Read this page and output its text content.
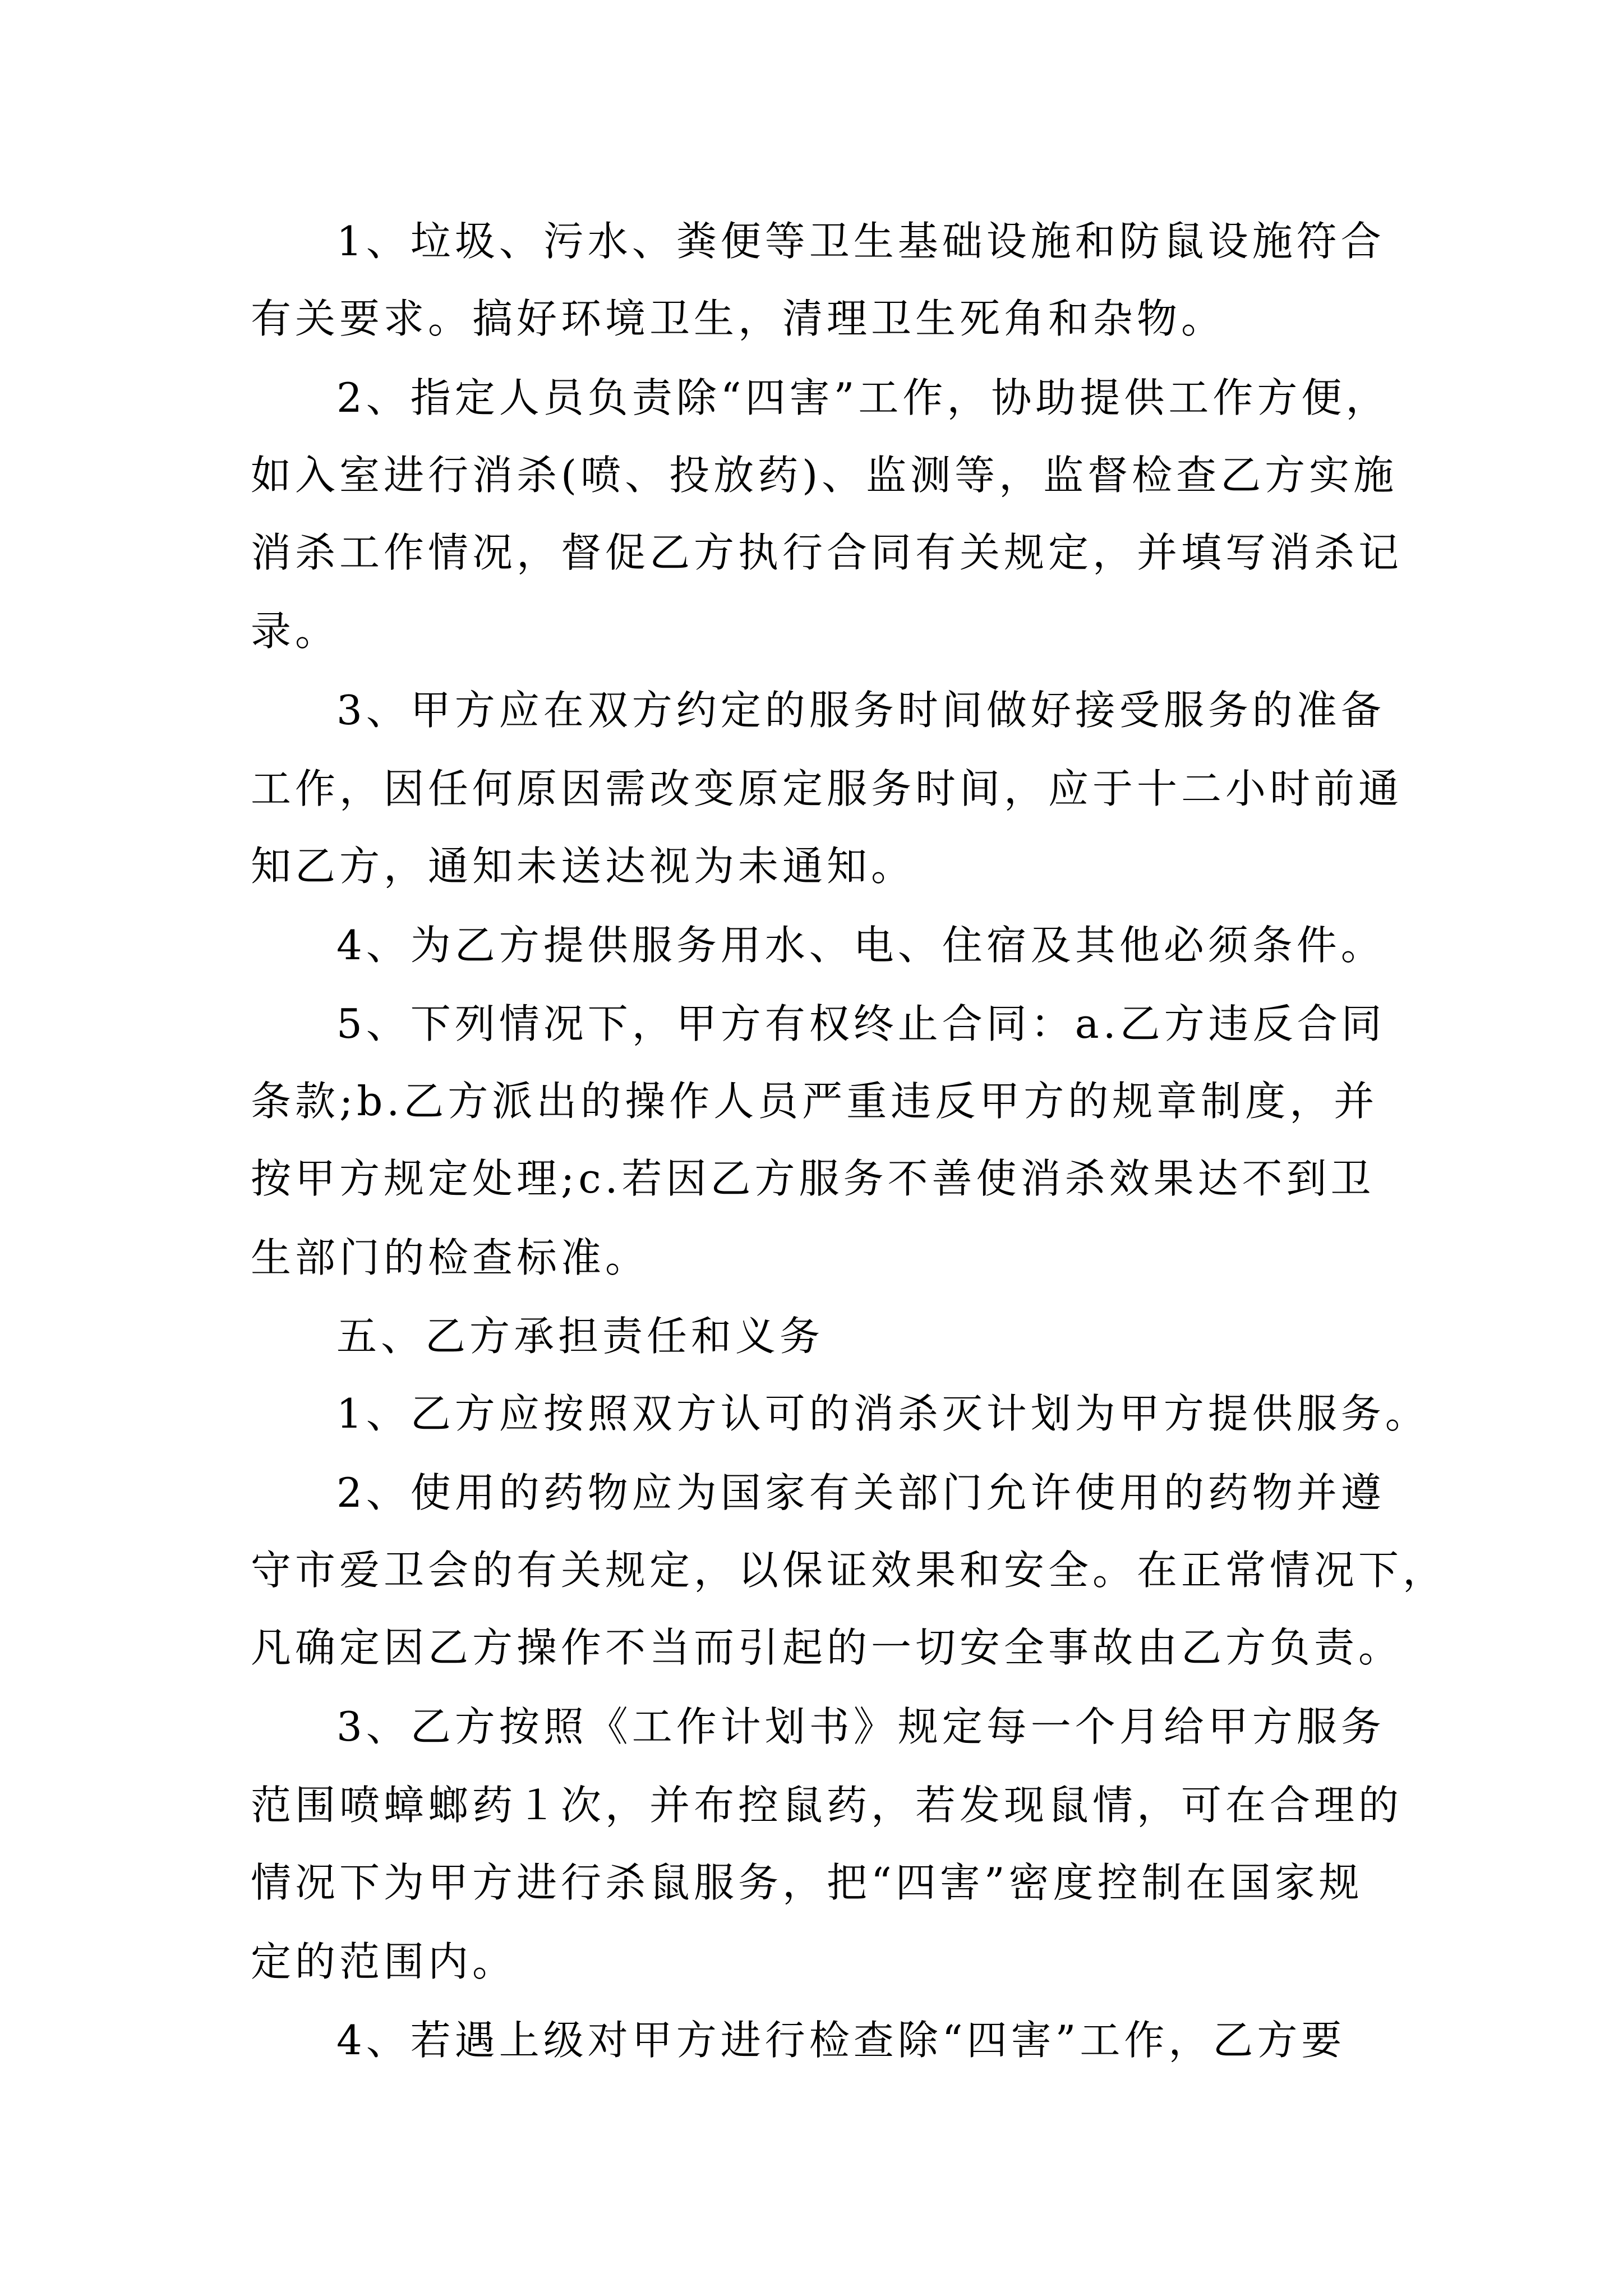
1、垃圾、污水、粪便等卫生基础设施和防鼠设施符合
有关要求。搞好环境卫生，清理卫生死角和杂物。
2、指定人员负责除“四害”工作，协助提供工作方便，
如入室进行消杀(喷、投放药)、监测等，监督检查乙方实施
消杀工作情况，督促乙方执行合同有关规定，并填写消杀记
录。
3、甲方应在双方约定的服务时间做好接受服务的准备
工作，因任何原因需改变原定服务时间，应于十二小时前通
知乙方，通知未送达视为未通知。
4、为乙方提供服务用水、电、住宿及其他必须条件。
5、下列情况下，甲方有权终止合同：a.乙方违反合同
条款;b.乙方派出的操作人员严重违反甲方的规章制度，并
按甲方规定处理;c.若因乙方服务不善使消杀效果达不到卫
生部门的检查标准。
五、乙方承担责任和义务
1、乙方应按照双方认可的消杀灭计划为甲方提供服务。
2、使用的药物应为国家有关部门允许使用的药物并遵
守市爱卫会的有关规定，以保证效果和安全。在正常情况下，
凡确定因乙方操作不当而引起的一切安全事故由乙方负责。
3、乙方按照《工作计划书》规定每一个月给甲方服务
范围喷蟑螂药１次，并布控鼠药，若发现鼠情，可在合理的
情况下为甲方进行杀鼠服务，把“四害”密度控制在国家规
定的范围内。
4、若遇上级对甲方进行检查除“四害”工作，乙方要
